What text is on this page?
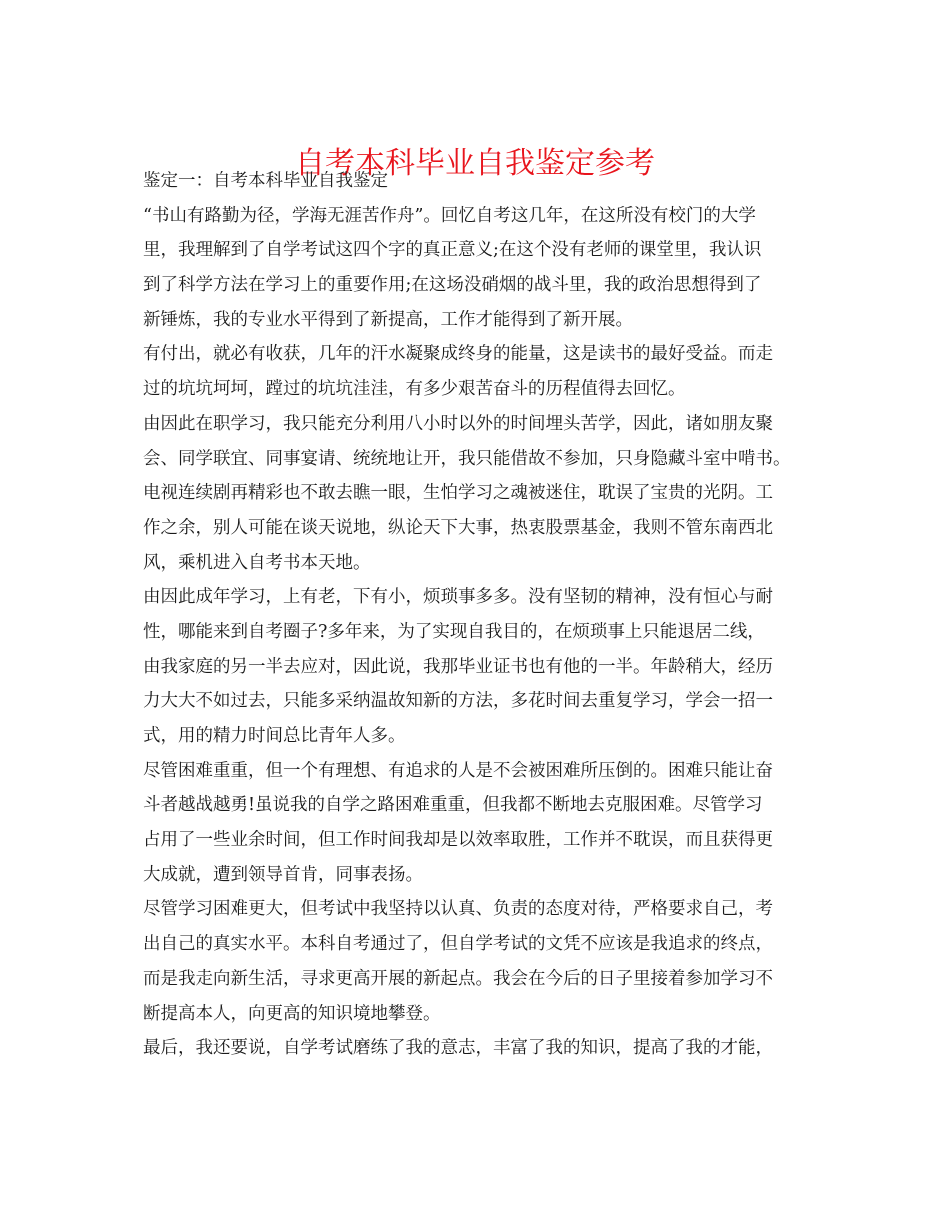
自考本科毕业自我鉴定参考
鉴定一：自考本科毕业自我鉴定
“书山有路勤为径，学海无涯苦作舟”。回忆自考这几年，在这所没有校门的大学
里，我理解到了自学考试这四个字的真正意义;在这个没有老师的课堂里，我认识
到了科学方法在学习上的重要作用;在这场没硝烟的战斗里，我的政治思想得到了
新锤炼，我的专业水平得到了新提高，工作才能得到了新开展。
有付出，就必有收获，几年的汗水凝聚成终身的能量，这是读书的最好受益。而走
过的坑坑坷坷，蹚过的坑坑洼洼，有多少艰苦奋斗的历程值得去回忆。
由因此在职学习，我只能充分利用八小时以外的时间埋头苦学，因此，诸如朋友聚
会、同学联宜、同事宴请、统统地让开，我只能借故不参加，只身隐藏斗室中啃书。
电视连续剧再精彩也不敢去瞧一眼，生怕学习之魂被迷住，耽误了宝贵的光阴。工
作之余，别人可能在谈天说地，纵论天下大事，热衷股票基金，我则不管东南西北
风，乘机进入自考书本天地。
由因此成年学习，上有老，下有小，烦琐事多多。没有坚韧的精神，没有恒心与耐
性，哪能来到自考圈子?多年来，为了实现自我目的，在烦琐事上只能退居二线，
由我家庭的另一半去应对，因此说，我那毕业证书也有他的一半。年龄稍大，经历
力大大不如过去，只能多采纳温故知新的方法，多花时间去重复学习，学会一招一
式，用的精力时间总比青年人多。
尽管困难重重，但一个有理想、有追求的人是不会被困难所压倒的。困难只能让奋
斗者越战越勇!虽说我的自学之路困难重重，但我都不断地去克服困难。尽管学习
占用了一些业余时间，但工作时间我却是以效率取胜，工作并不耽误，而且获得更
大成就，遭到领导首肯，同事表扬。
尽管学习困难更大，但考试中我坚持以认真、负责的态度对待，严格要求自己，考
出自己的真实水平。本科自考通过了，但自学考试的文凭不应该是我追求的终点，
而是我走向新生活，寻求更高开展的新起点。我会在今后的日子里接着参加学习不
断提高本人，向更高的知识境地攀登。
最后，我还要说，自学考试磨练了我的意志，丰富了我的知识，提高了我的才能，
